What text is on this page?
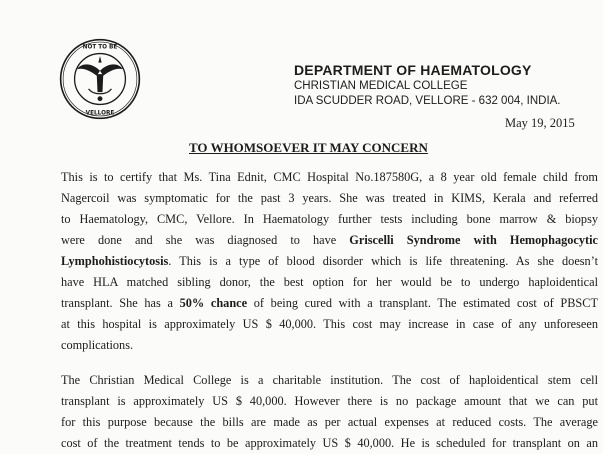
NOT TO BE
VELLORE
DEPARTMENT OF HAEMATOLOGY
CHRISTIAN MEDICAL COLLEGE
IDA SCUDDER ROAD, VELLORE - 632 004, INDIA.
May 19, 2015
TO WHOMSOEVER IT MAY CONCERN
This is to certify that Ms. Tina Ednit, CMC Hospital No.187580G, a 8 year old female child from
Nagercoil was symptomatic for the past 3 years. She was treated in KIMS, Kerala and referred
to Haematology, CMC, Vellore. In Haematology further tests including bone marrow & biopsy
were done and she was diagnosed to have Griscelli Syndrome with Hemophagocytic
Lymphohistiocytosis. This is a type of blood disorder which is life threatening. As she doesn’t
have HLA matched sibling donor, the best option for her would be to undergo haploidentical
transplant. She has a 50% chance of being cured with a transplant. The estimated cost of PBSCT
at this hospital is approximately US $ 40,000. This cost may increase in case of any unforeseen
complications.
The Christian Medical College is a charitable institution. The cost of haploidentical stem cell
transplant is approximately US $ 40,000. However there is no package amount that we can put
for this purpose because the bills are made as per actual expenses at reduced costs. The average
cost of the treatment tends to be approximately US $ 40,000. He is scheduled for transplant on an
